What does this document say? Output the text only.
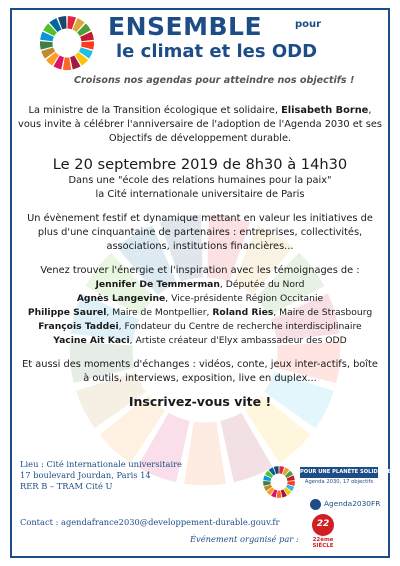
ENSEMBLE	pour
le climat et les ODD
Croisons nos agendas pour atteindre nos objectifs !

La ministre de la Transition écologique et solidaire, Elisabeth Borne, vous invite à célébrer l'anniversaire de l'adoption de l'Agenda 2030 et ses Objectifs de développement durable.

Le 20 septembre 2019 de 8h30 à 14h30

Dans une "école des relations humaines pour la paix"
la Cité internationale universitaire de Paris

Un évènement festif et dynamique mettant en valeur les initiatives de plus d'une cinquantaine de partenaires : entreprises, collectivités, associations, institutions financières...

Venez trouver l'énergie et l'inspiration avec les témoignages de :

Jennifer De Temmerman, Députée du Nord
Agnès Langevine, Vice-présidente Région Occitanie
Philippe Saurel, Maire de Montpellier, Roland Ries, Maire de Strasbourg
François Taddei, Fondateur du Centre de recherche interdisciplinaire
Yacine Ait Kaci, Artiste créateur d'Elyx ambassadeur des ODD

Et aussi des moments d'échanges : vidéos, conte, jeux inter-actifs, boîte à outils, interviews, exposition, live en duplex...

Inscrivez-vous vite !

Lieu : Cité internationale universitaire
17 boulevard Jourdan, Paris 14
RER B – TRAM Cité U
Contact : agendafrance2030@developpement-durable.gouv.fr
Événement organisé par :
POUR UNE PLANÈTE SOLIDAIRE
Agenda 2030, 17 objectifs
Agenda2030FR
22
22ème SIÈCLE
